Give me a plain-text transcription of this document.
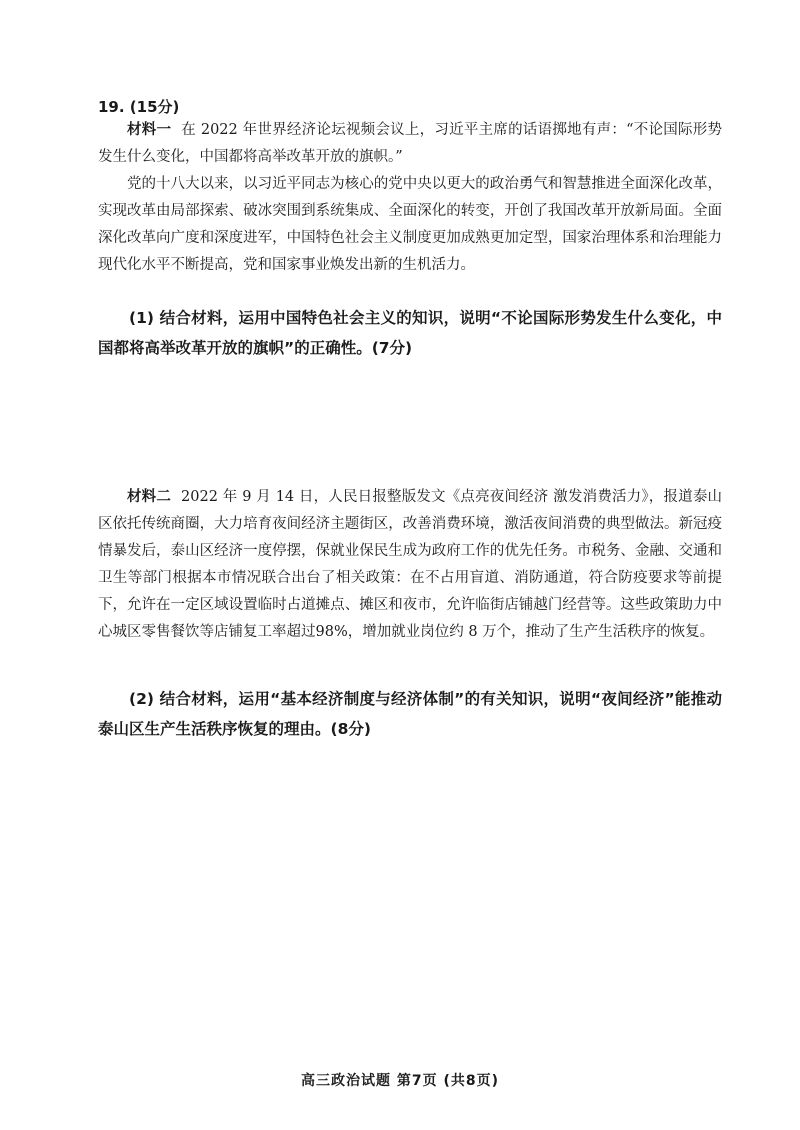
19. (15分)
材料一 在 2022 年世界经济论坛视频会议上，习近平主席的话语掷地有声：“不论国际形势发生什么变化，中国都将高举改革开放的旗帜。”
党的十八大以来，以习近平同志为核心的党中央以更大的政治勇气和智慧推进全面深化改革，实现改革由局部探索、破冰突围到系统集成、全面深化的转变，开创了我国改革开放新局面。全面深化改革向广度和深度进军，中国特色社会主义制度更加成熟更加定型，国家治理体系和治理能力现代化水平不断提高，党和国家事业焕发出新的生机活力。
(1) 结合材料，运用中国特色社会主义的知识，说明“不论国际形势发生什么变化，中国都将高举改革开放的旗帜”的正确性。(7分)
材料二 2022 年 9 月 14 日，人民日报整版发文《点亮夜间经济 激发消费活力》，报道泰山区依托传统商圈，大力培育夜间经济主题街区，改善消费环境，激活夜间消费的典型做法。新冠疫情暴发后，泰山区经济一度停摆，保就业保民生成为政府工作的优先任务。市税务、金融、交通和卫生等部门根据本市情况联合出台了相关政策：在不占用盲道、消防通道，符合防疫要求等前提下，允许在一定区域设置临时占道摊点、摊区和夜市，允许临街店铺越门经营等。这些政策助力中心城区零售餐饮等店铺复工率超过98%，增加就业岗位约 8 万个，推动了生产生活秩序的恢复。
(2) 结合材料，运用“基本经济制度与经济体制”的有关知识，说明“夜间经济”能推动泰山区生产生活秩序恢复的理由。(8分)
高三政治试题 第7页 (共8页)
